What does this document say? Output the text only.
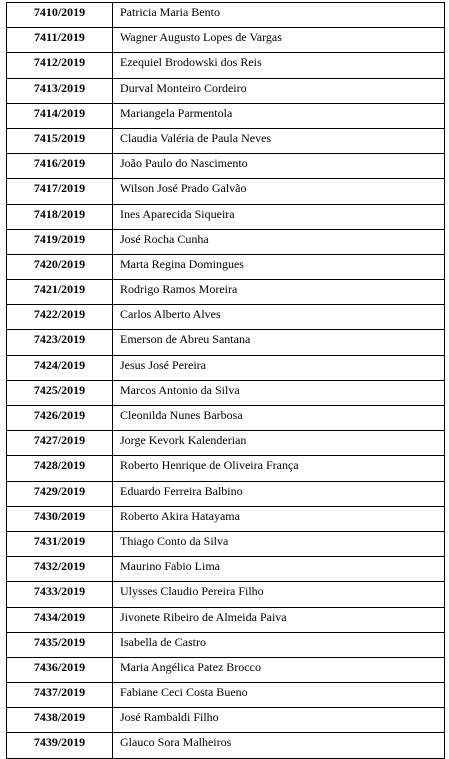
7410/2019	Patricia Maria Bento
7411/2019	Wagner Augusto Lopes de Vargas
7412/2019	Ezequiel Brodowski dos Reis
7413/2019	Durval Monteiro Cordeiro
7414/2019	Mariangela Parmentola
7415/2019	Claudia Valéria de Paula Neves
7416/2019	João Paulo do Nascimento
7417/2019	Wilson José Prado Galvão
7418/2019	Ines Aparecida Siqueira
7419/2019	José Rocha Cunha
7420/2019	Marta Regina Domingues
7421/2019	Rodrigo Ramos Moreira
7422/2019	Carlos Alberto Alves
7423/2019	Emerson de Abreu Santana
7424/2019	Jesus José Pereira
7425/2019	Marcos Antonio da Silva
7426/2019	Cleonilda Nunes Barbosa
7427/2019	Jorge Kevork Kalenderian
7428/2019	Roberto Henrique de Oliveira França
7429/2019	Eduardo Ferreira Balbino
7430/2019	Roberto Akira Hatayama
7431/2019	Thiago Conto da Silva
7432/2019	Maurino Fabio Lima
7433/2019	Ulysses Claudio Pereira Filho
7434/2019	Jivonete Ribeiro de Almeida Paiva
7435/2019	Isabella de Castro
7436/2019	Maria Angélica Patez Brocco
7437/2019	Fabiane Ceci Costa Bueno
7438/2019	José Rambaldi Filho
7439/2019	Glauco Sora Malheiros
